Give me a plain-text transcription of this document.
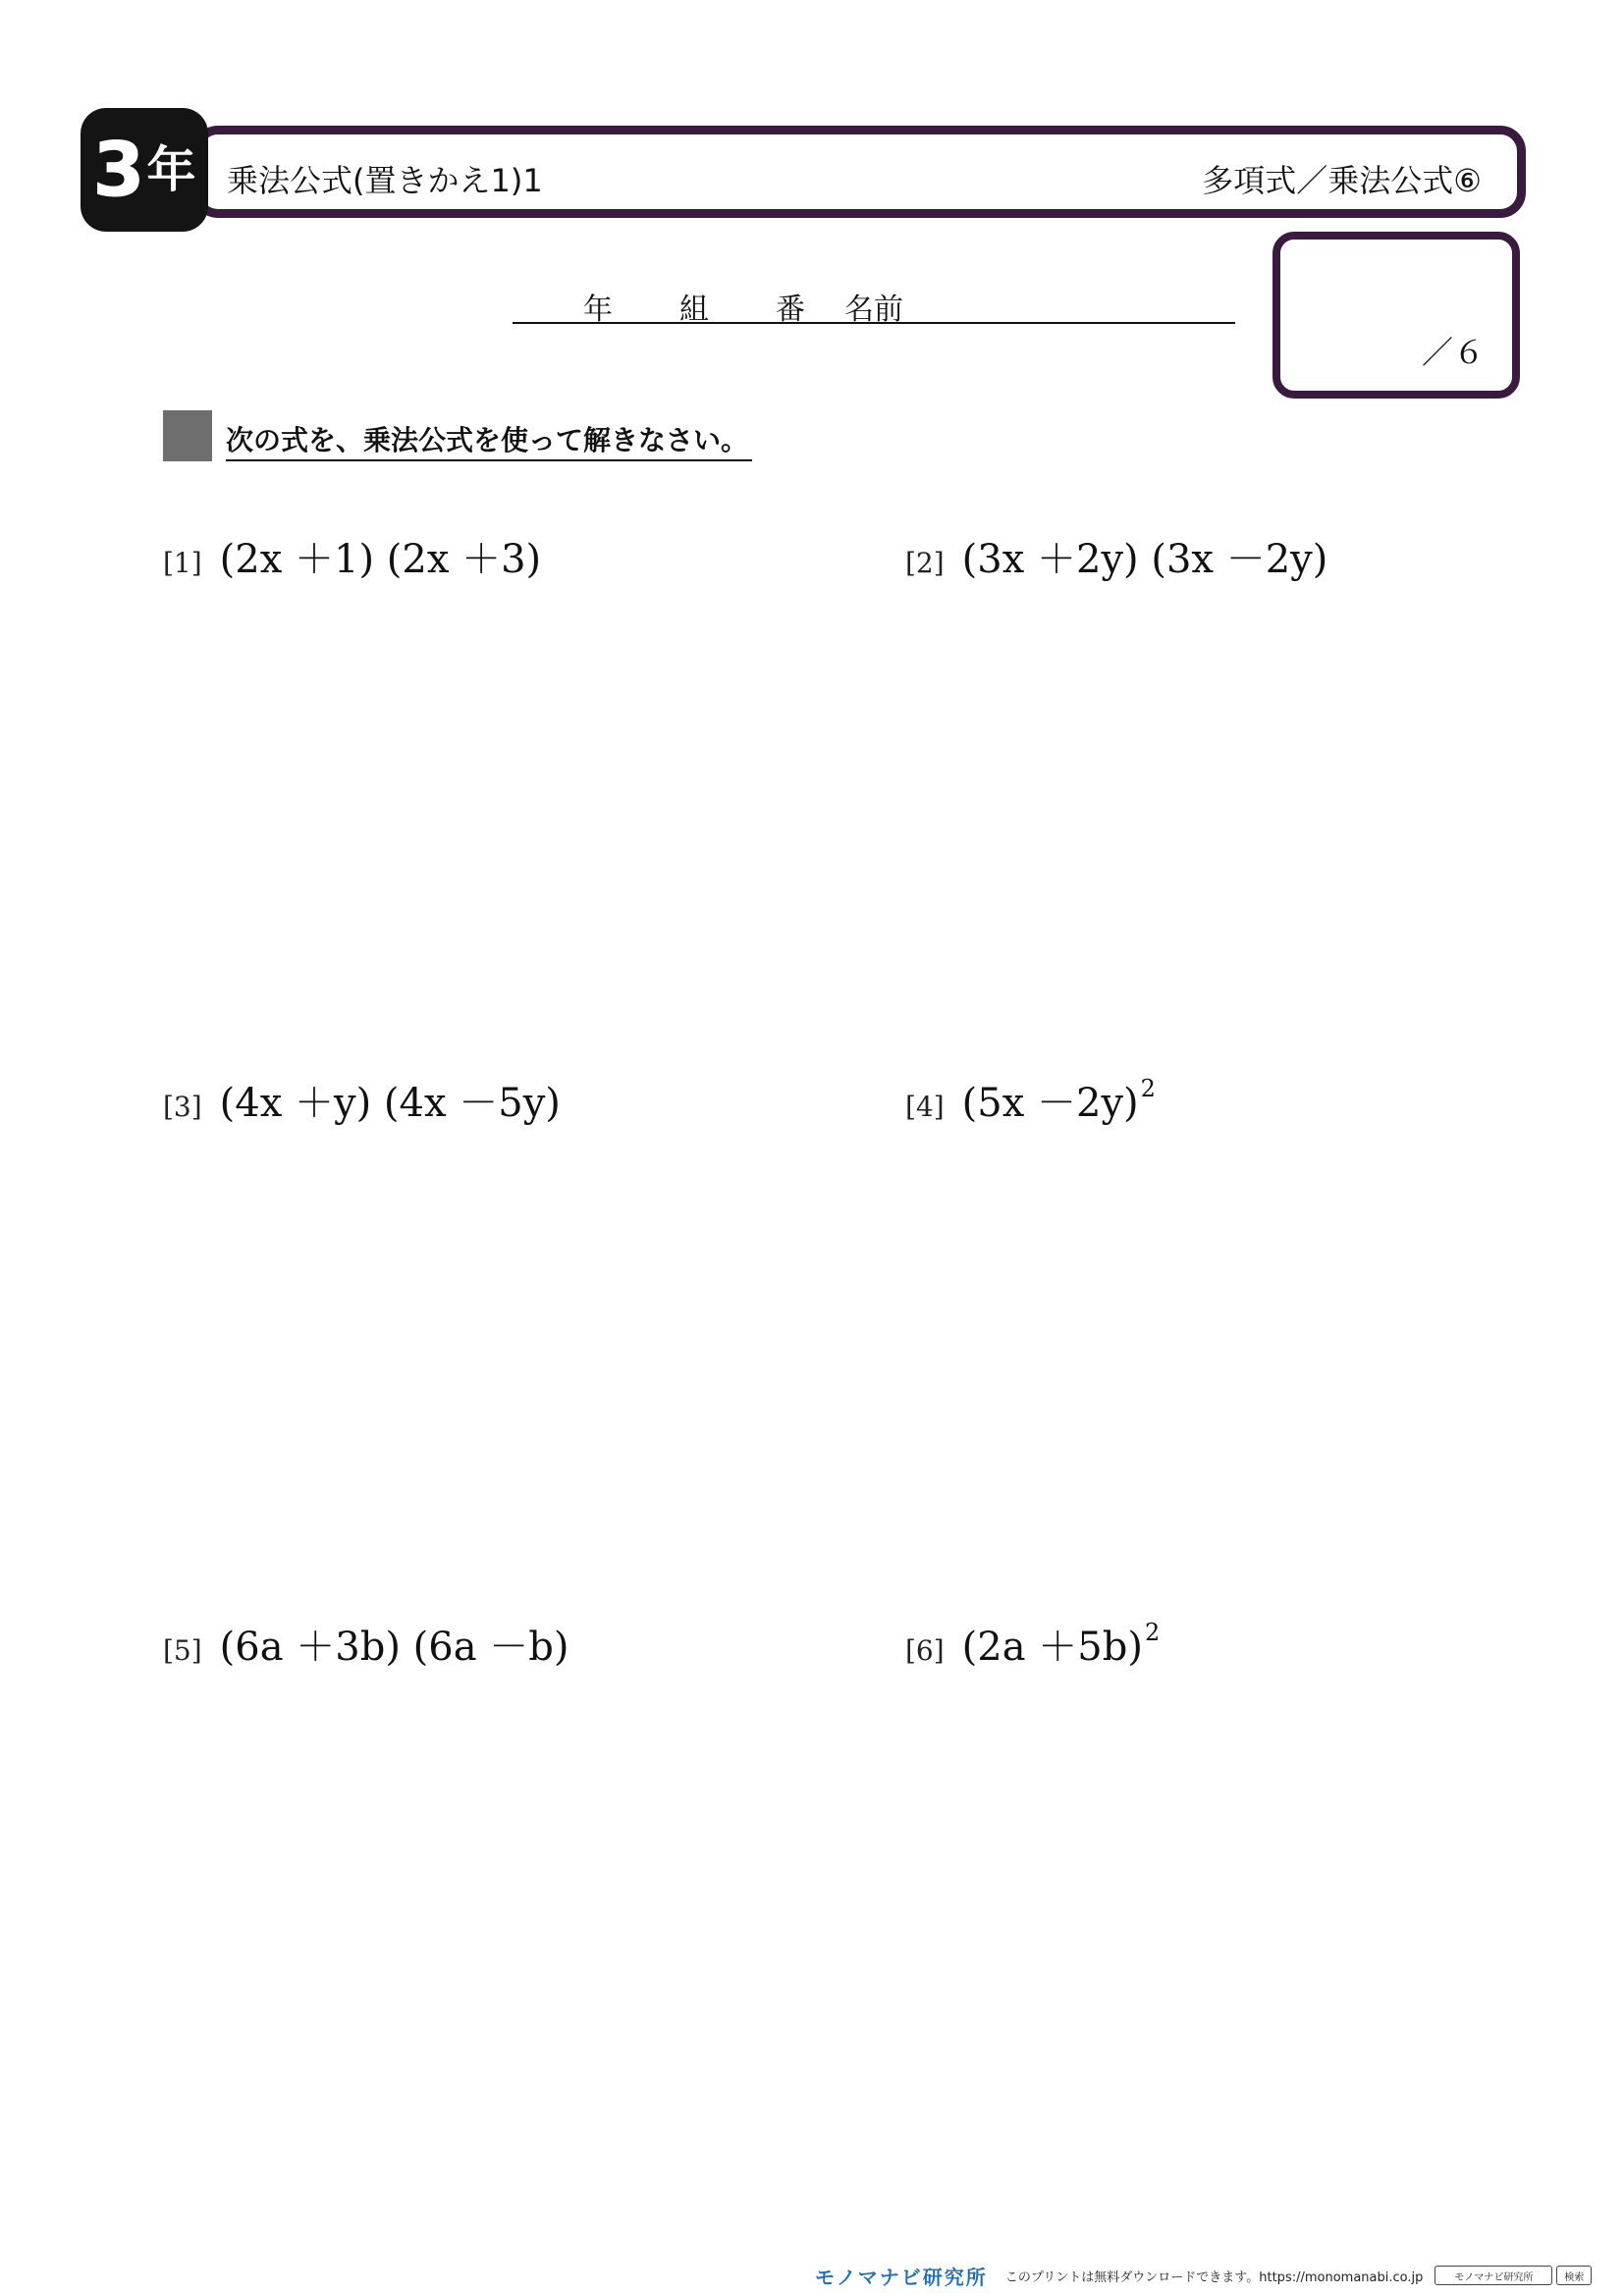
3 年 乗法公式(置きかえ1)1	多項式／乗法公式⑥
年 組 番 名前
／６
次の式を、乗法公式を使って解きなさい。
[1] (2x ＋1) (2x ＋3)	[2] (3x ＋2y) (3x －2y)
[3] (4x ＋y) (4x －5y)	[4] $(5x -2y)^2$
[5] (6a ＋3b) (6a －b)	[6] $(2a +5b)^2$
モノマナビ研究所 このプリントは無料ダウンロードできます。https://monomanabi.co.jp	モノマナビ研究所	検索
